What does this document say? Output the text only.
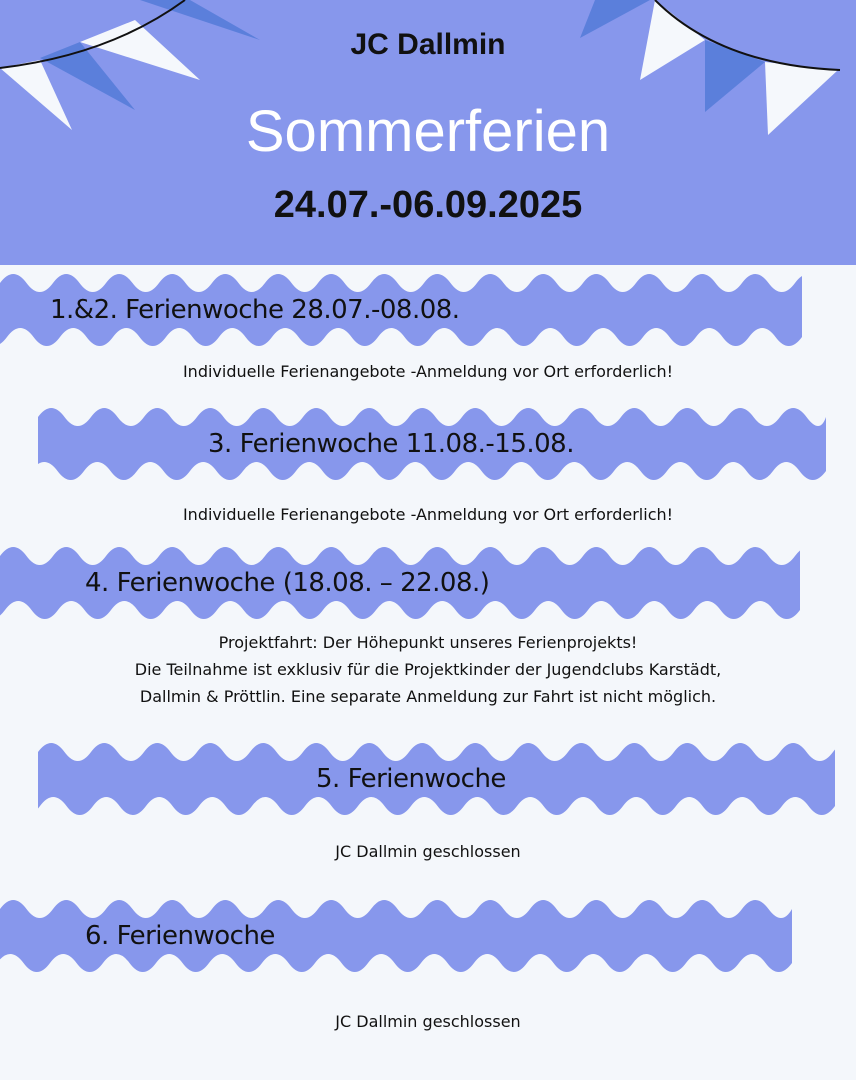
JC Dallmin
Sommerferien
24.07.-06.09.2025
1.&2. Ferienwoche 28.07.-08.08.
Individuelle Ferienangebote -Anmeldung vor Ort erforderlich!
3. Ferienwoche 11.08.-15.08.
Individuelle Ferienangebote -Anmeldung vor Ort erforderlich!
4. Ferienwoche (18.08. – 22.08.)
Projektfahrt: Der Höhepunkt unseres Ferienprojekts!
Die Teilnahme ist exklusiv für die Projektkinder der Jugendclubs Karstädt,
Dallmin & Pröttlin. Eine separate Anmeldung zur Fahrt ist nicht möglich.
5. Ferienwoche
JC Dallmin geschlossen
6. Ferienwoche
JC Dallmin geschlossen
